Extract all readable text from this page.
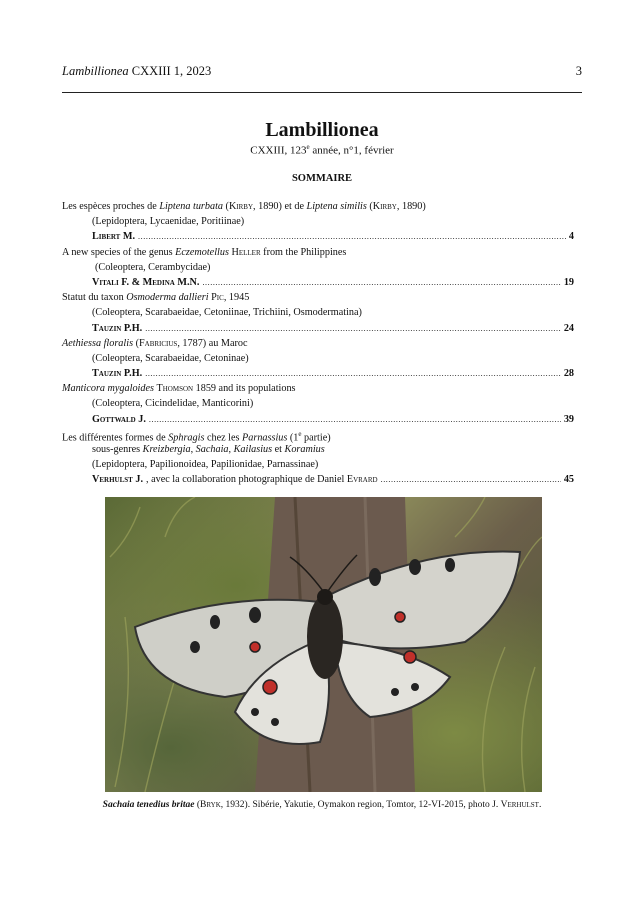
Lambillionea CXXIII 1, 2023	3
Lambillionea
CXXIII, 123e année, n°1, février
SOMMAIRE
Les espèces proches de Liptena turbata (Kirby, 1890) et de Liptena similis (Kirby, 1890)
(Lepidoptera, Lycaenidae, Poritiinae)
Libert M. .....	4
A new species of the genus Eczemotellus Heller from the Philippines
(Coleoptera, Cerambycidae)
Vitali F. & Medina M.N. .....	19
Statut du taxon Osmoderma dallieri Pic, 1945
(Coleoptera, Scarabaeidae, Cetoniinae, Trichiini, Osmodermatina)
Tauzin P.H. .....	24
Aethiessa floralis (Fabricius, 1787) au Maroc
(Coleoptera, Scarabaeidae, Cetoninae)
Tauzin P.H. .....	28
Manticora mygaloides Thomson 1859 and its populations
(Coleoptera, Cicindelidae, Manticorini)
Gottwald J. .....	39
Les différentes formes de Sphragis chez les Parnassius (1e partie)
sous-genres Kreizbergia, Sachaia, Kailasius et Koramius
(Lepidoptera, Papilionoidea, Papilionidae, Parnassinae)
Verhulst J. , avec la collaboration photographique de Daniel Evrard .....	45
Sachaia tenedius britae (Bryk, 1932). Sibérie, Yakutie, Oymakon region, Tomtor, 12-VI-2015, photo J. Verhulst.
